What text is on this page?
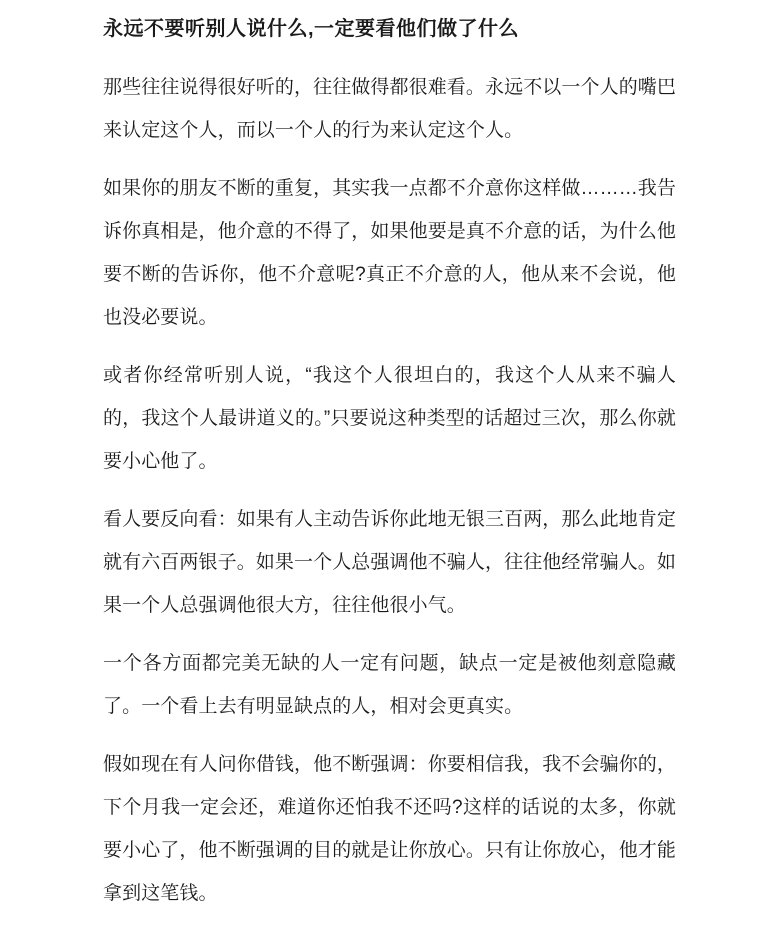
永远不要听别人说什么,一定要看他们做了什么

那些往往说得很好听的，往往做得都很难看。永远不以一个人的嘴巴来认定这个人，而以一个人的行为来认定这个人。

如果你的朋友不断的重复，其实我一点都不介意你这样做………我告诉你真相是，他介意的不得了，如果他要是真不介意的话，为什么他要不断的告诉你，他不介意呢?真正不介意的人，他从来不会说，他也没必要说。

或者你经常听别人说，“我这个人很坦白的，我这个人从来不骗人的，我这个人最讲道义的。”只要说这种类型的话超过三次，那么你就要小心他了。

看人要反向看：如果有人主动告诉你此地无银三百两，那么此地肯定就有六百两银子。如果一个人总强调他不骗人，往往他经常骗人。如果一个人总强调他很大方，往往他很小气。

一个各方面都完美无缺的人一定有问题，缺点一定是被他刻意隐藏了。一个看上去有明显缺点的人，相对会更真实。

假如现在有人问你借钱，他不断强调：你要相信我，我不会骗你的，下个月我一定会还，难道你还怕我不还吗?这样的话说的太多，你就要小心了，他不断强调的目的就是让你放心。只有让你放心，他才能拿到这笔钱。
